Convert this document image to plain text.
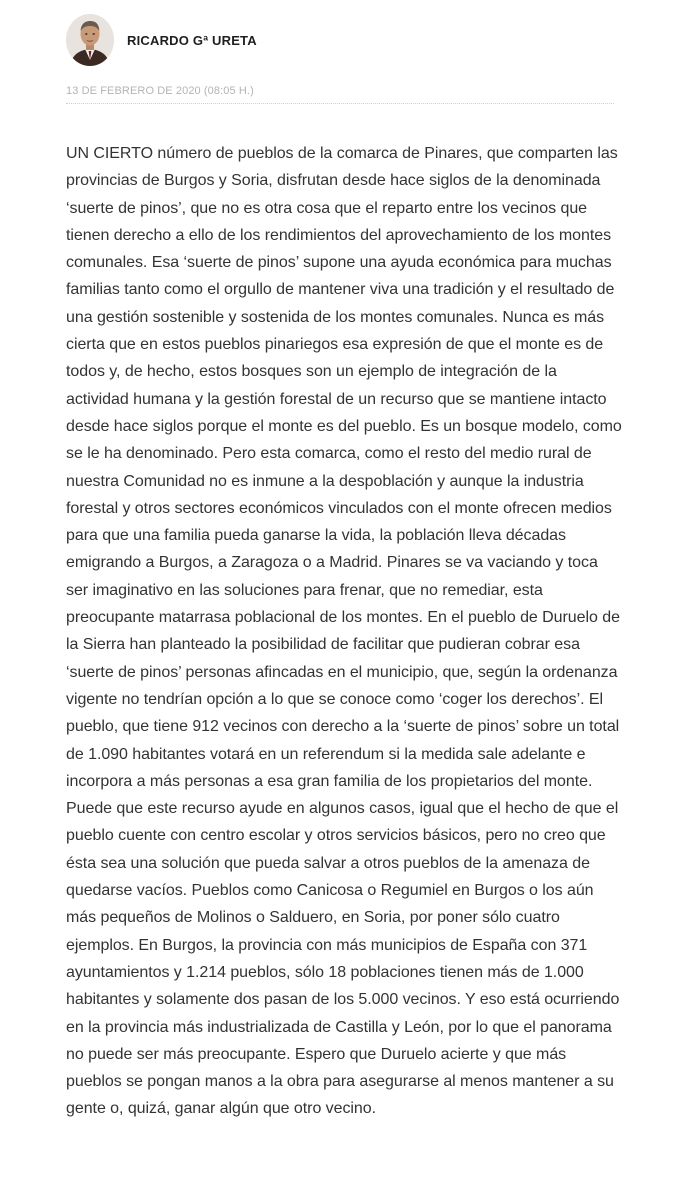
RICARDO Gª URETA
13 DE FEBRERO DE 2020 (08:05 H.)

UN CIERTO número de pueblos de la comarca de Pinares, que comparten las provincias de Burgos y Soria, disfrutan desde hace siglos de la denominada ‘suerte de pinos’, que no es otra cosa que el reparto entre los vecinos que tienen derecho a ello de los rendimientos del aprovechamiento de los montes comunales. Esa ‘suerte de pinos’ supone una ayuda económica para muchas familias tanto como el orgullo de mantener viva una tradición y el resultado de una gestión sostenible y sostenida de los montes comunales. Nunca es más cierta que en estos pueblos pinariegos esa expresión de que el monte es de todos y, de hecho, estos bosques son un ejemplo de integración de la actividad humana y la gestión forestal de un recurso que se mantiene intacto desde hace siglos porque el monte es del pueblo. Es un bosque modelo, como se le ha denominado. Pero esta comarca, como el resto del medio rural de nuestra Comunidad no es inmune a la despoblación y aunque la industria forestal y otros sectores económicos vinculados con el monte ofrecen medios para que una familia pueda ganarse la vida, la población lleva décadas emigrando a Burgos, a Zaragoza o a Madrid. Pinares se va vaciando y toca ser imaginativo en las soluciones para frenar, que no remediar, esta preocupante matarrasa poblacional de los montes. En el pueblo de Duruelo de la Sierra han planteado la posibilidad de facilitar que pudieran cobrar esa ‘suerte de pinos’ personas afincadas en el municipio, que, según la ordenanza vigente no tendrían opción a lo que se conoce como ‘coger los derechos’. El pueblo, que tiene 912 vecinos con derecho a la ‘suerte de pinos’ sobre un total de 1.090 habitantes votará en un referendum si la medida sale adelante e incorpora a más personas a esa gran familia de los propietarios del monte. Puede que este recurso ayude en algunos casos, igual que el hecho de que el pueblo cuente con centro escolar y otros servicios básicos, pero no creo que ésta sea una solución que pueda salvar a otros pueblos de la amenaza de quedarse vacíos. Pueblos como Canicosa o Regumiel en Burgos o los aún más pequeños de Molinos o Salduero, en Soria, por poner sólo cuatro ejemplos. En Burgos, la provincia con más municipios de España con 371 ayuntamientos y 1.214 pueblos, sólo 18 poblaciones tienen más de 1.000 habitantes y solamente dos pasan de los 5.000 vecinos. Y eso está ocurriendo en la provincia más industrializada de Castilla y León, por lo que el panorama no puede ser más preocupante. Espero que Duruelo acierte y que más pueblos se pongan manos a la obra para asegurarse al menos mantener a su gente o, quizá, ganar algún que otro vecino.
